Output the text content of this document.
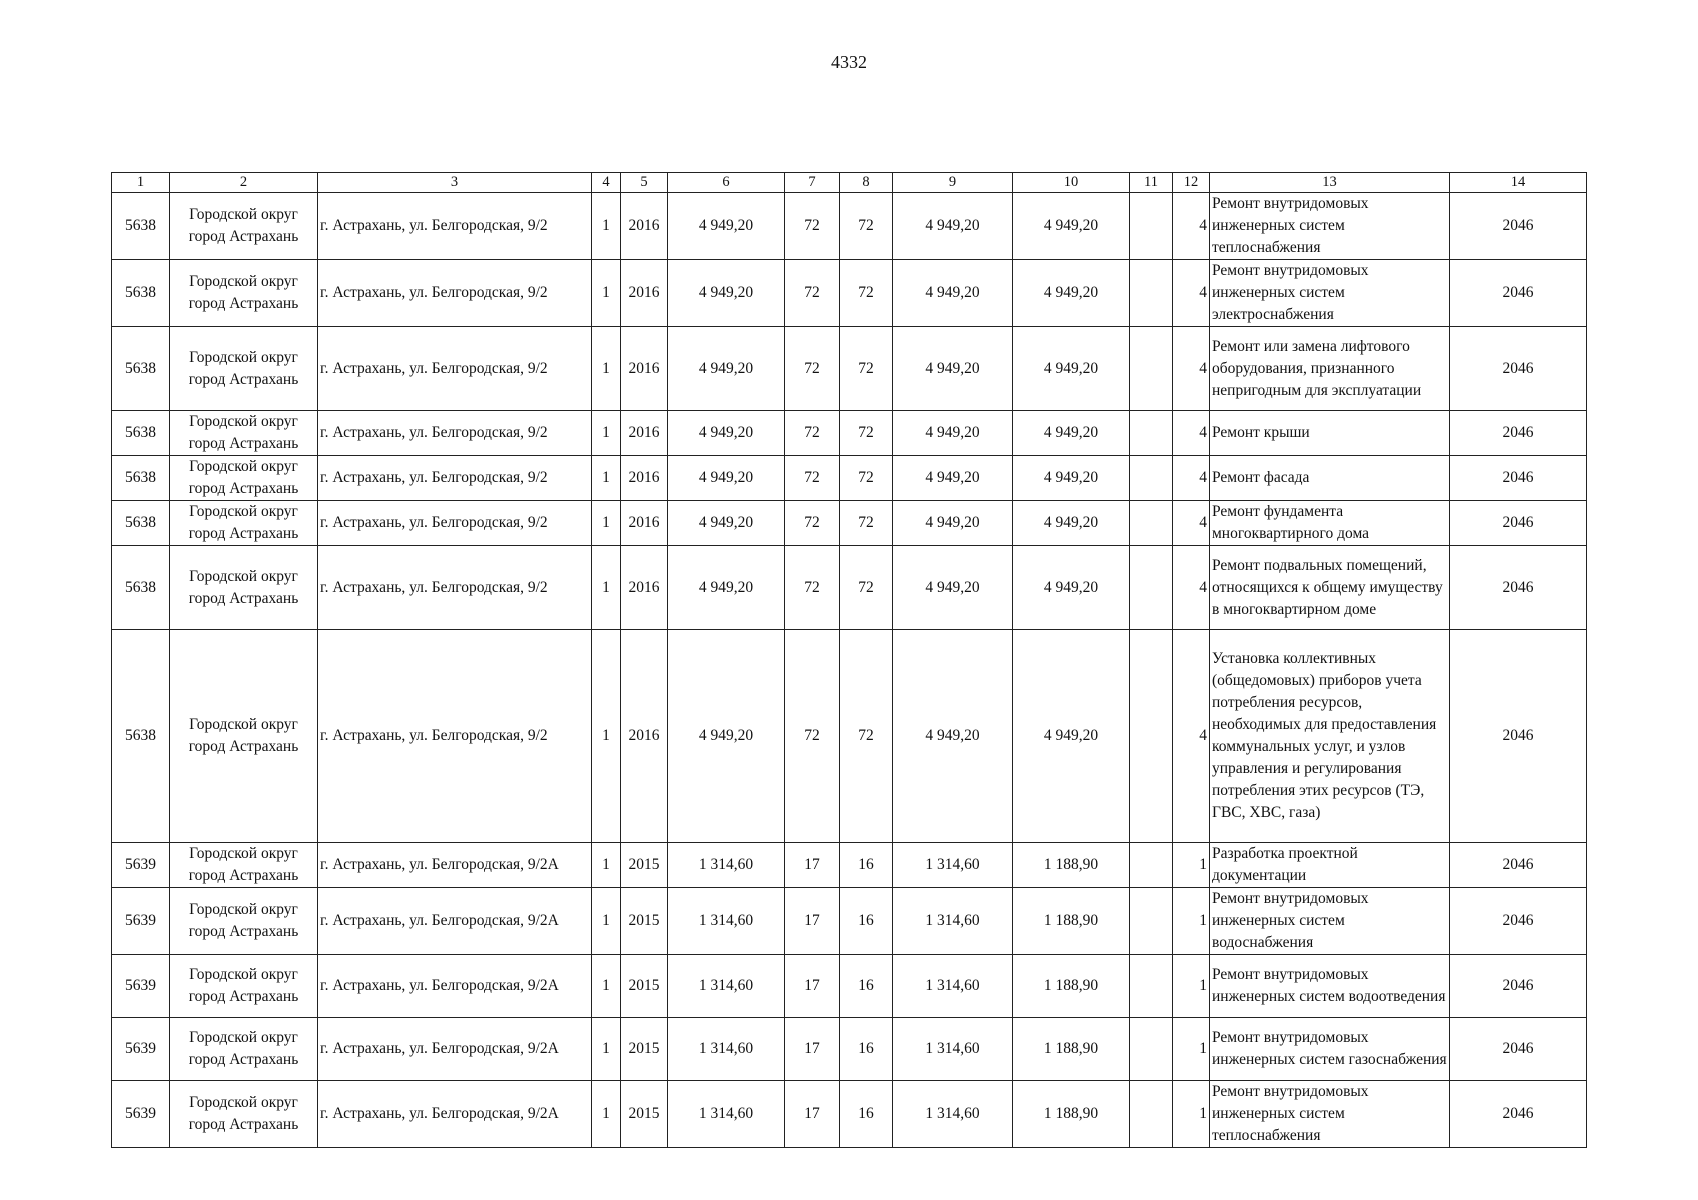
4332
1	2	3	4	5	6	7	8	9	10	11	12	13	14
5638	Городской округ город Астрахань	г. Астрахань, ул. Белгородская, 9/2	1	2016	4 949,20	72	72	4 949,20	4 949,20		4	Ремонт внутридомовых инженерных систем теплоснабжения	2046
5638	Городской округ город Астрахань	г. Астрахань, ул. Белгородская, 9/2	1	2016	4 949,20	72	72	4 949,20	4 949,20		4	Ремонт внутридомовых инженерных систем электроснабжения	2046
5638	Городской округ город Астрахань	г. Астрахань, ул. Белгородская, 9/2	1	2016	4 949,20	72	72	4 949,20	4 949,20		4	Ремонт или замена лифтового оборудования, признанного непригодным для эксплуатации	2046
5638	Городской округ город Астрахань	г. Астрахань, ул. Белгородская, 9/2	1	2016	4 949,20	72	72	4 949,20	4 949,20		4	Ремонт крыши	2046
5638	Городской округ город Астрахань	г. Астрахань, ул. Белгородская, 9/2	1	2016	4 949,20	72	72	4 949,20	4 949,20		4	Ремонт фасада	2046
5638	Городской округ город Астрахань	г. Астрахань, ул. Белгородская, 9/2	1	2016	4 949,20	72	72	4 949,20	4 949,20		4	Ремонт фундамента многоквартирного дома	2046
5638	Городской округ город Астрахань	г. Астрахань, ул. Белгородская, 9/2	1	2016	4 949,20	72	72	4 949,20	4 949,20		4	Ремонт подвальных помещений, относящихся к общему имуществу в многоквартирном доме	2046
5638	Городской округ город Астрахань	г. Астрахань, ул. Белгородская, 9/2	1	2016	4 949,20	72	72	4 949,20	4 949,20		4	Установка коллективных (общедомовых) приборов учета потребления ресурсов, необходимых для предоставления коммунальных услуг, и узлов управления и регулирования потребления этих ресурсов (ТЭ, ГВС, ХВС, газа)	2046
5639	Городской округ город Астрахань	г. Астрахань, ул. Белгородская, 9/2А	1	2015	1 314,60	17	16	1 314,60	1 188,90		1	Разработка проектной документации	2046
5639	Городской округ город Астрахань	г. Астрахань, ул. Белгородская, 9/2А	1	2015	1 314,60	17	16	1 314,60	1 188,90		1	Ремонт внутридомовых инженерных систем водоснабжения	2046
5639	Городской округ город Астрахань	г. Астрахань, ул. Белгородская, 9/2А	1	2015	1 314,60	17	16	1 314,60	1 188,90		1	Ремонт внутридомовых инженерных систем водоотведения	2046
5639	Городской округ город Астрахань	г. Астрахань, ул. Белгородская, 9/2А	1	2015	1 314,60	17	16	1 314,60	1 188,90		1	Ремонт внутридомовых инженерных систем газоснабжения	2046
5639	Городской округ город Астрахань	г. Астрахань, ул. Белгородская, 9/2А	1	2015	1 314,60	17	16	1 314,60	1 188,90		1	Ремонт внутридомовых инженерных систем теплоснабжения	2046
